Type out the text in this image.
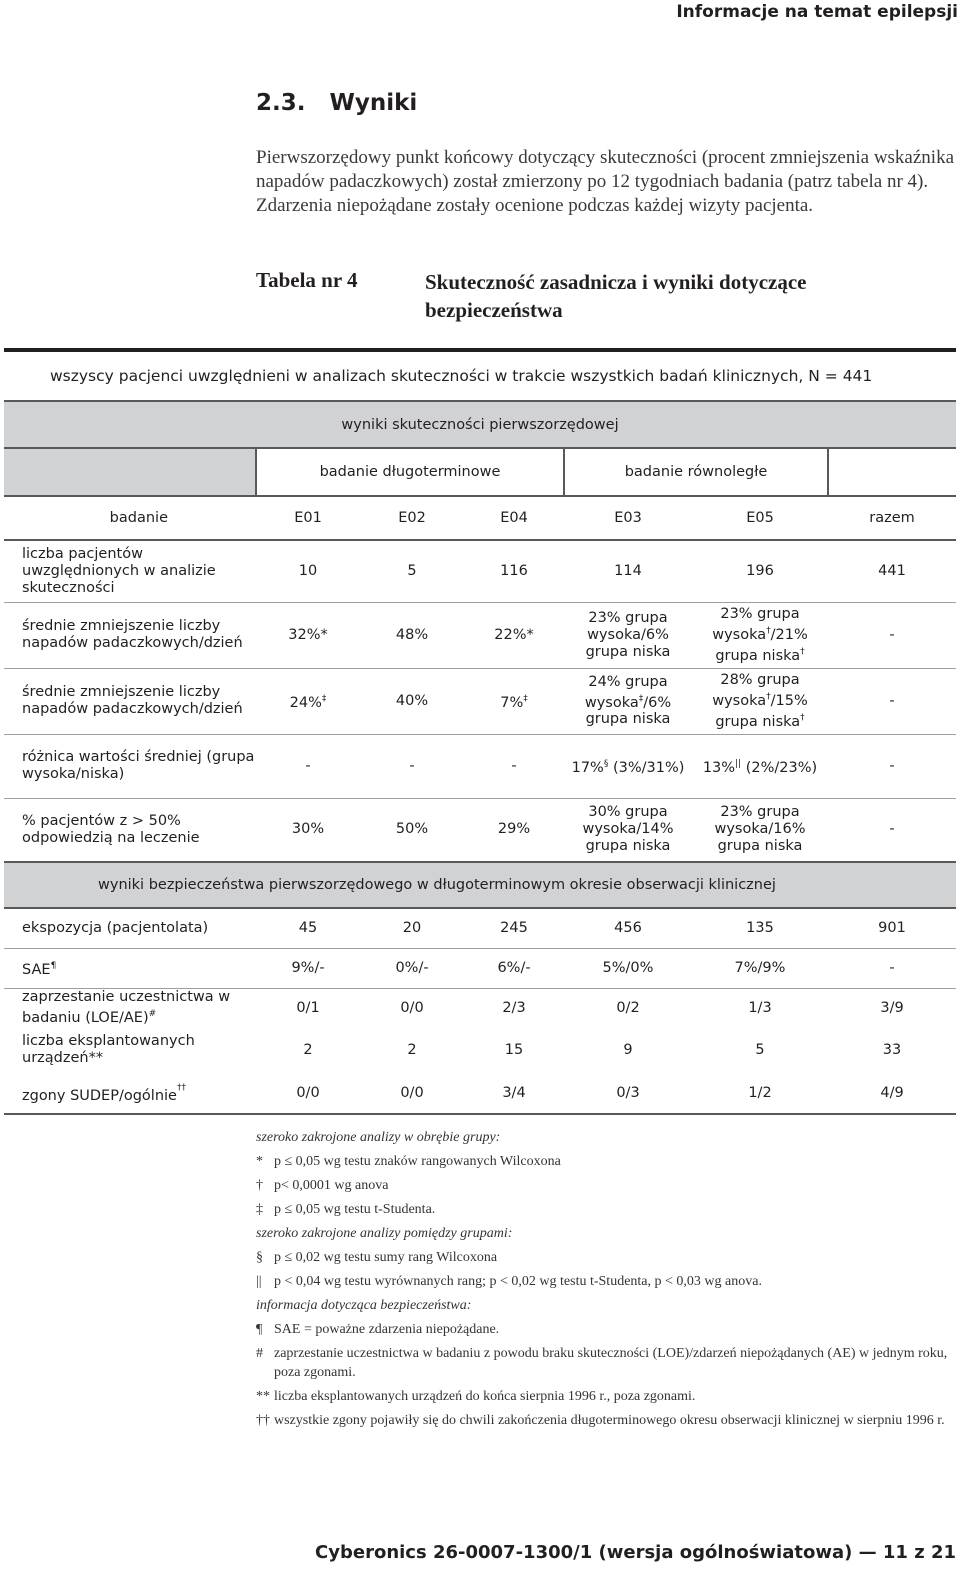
Informacje na temat epilepsji
2.3.   Wyniki
Pierwszorzędowy punkt końcowy dotyczący skuteczności (procent zmniejszenia wskaźnika napadów padaczkowych) został zmierzony po 12 tygodniach badania (patrz tabela nr 4). Zdarzenia niepożądane zostały ocenione podczas każdej wizyty pacjenta.
Tabela nr 4	Skuteczność zasadnicza i wyniki dotyczące bezpieczeństwa
wszyscy pacjenci uwzględnieni w analizach skuteczności w trakcie wszystkich badań klinicznych, N = 441
wyniki skuteczności pierwszorzędowej						
	badanie długoterminowe			badanie równoległe		
badanie	E01	E02	E04	E03	E05	razem
liczba pacjentów uwzględnionych w analizie skuteczności	10	5	116	114	196	441
średnie zmniejszenie liczby napadów padaczkowych/dzień	32%*	48%	22%*	23% grupa wysoka/6% grupa niska	23% grupa wysoka†/21% grupa niska†	-
średnie zmniejszenie liczby napadów padaczkowych/dzień	24%‡	40%	7%‡	24% grupa wysoka‡/6% grupa niska	28% grupa wysoka†/15% grupa niska†	-
różnica wartości średniej (grupa wysoka/niska)	-	-	-	17%§ (3%/31%)	13%|| (2%/23%)	-
% pacjentów z > 50% odpowiedzią na leczenie	30%	50%	29%	30% grupa wysoka/14% grupa niska	23% grupa wysoka/16% grupa niska	-
wyniki bezpieczeństwa pierwszorzędowego w długoterminowym okresie obserwacji klinicznej						
ekspozycja (pacjentolata)	45	20	245	456	135	901
SAE¶	9%/-	0%/-	6%/-	5%/0%	7%/9%	-
zaprzestanie uczestnictwa w badaniu (LOE/AE)#	0/1	0/0	2/3	0/2	1/3	3/9
liczba eksplantowanych urządzeń**	2	2	15	9	5	33
zgony SUDEP/ogólnie††	0/0	0/0	3/4	0/3	1/2	4/9
szeroko zakrojone analizy w obrębie grupy:
* p ≤ 0,05 wg testu znaków rangowanych Wilcoxona
† p< 0,0001 wg anova
‡ p ≤ 0,05 wg testu t-Studenta.
szeroko zakrojone analizy pomiędzy grupami:
§ p ≤ 0,02 wg testu sumy rang Wilcoxona
|| p < 0,04 wg testu wyrównanych rang; p < 0,02 wg testu t-Studenta, p < 0,03 wg anova.
informacja dotycząca bezpieczeństwa:
¶ SAE = poważne zdarzenia niepożądane.
# zaprzestanie uczestnictwa w badaniu z powodu braku skuteczności (LOE)/zdarzeń niepożądanych (AE) w jednym roku, poza zgonami.
** liczba eksplantowanych urządzeń do końca sierpnia 1996 r., poza zgonami.
†† wszystkie zgony pojawiły się do chwili zakończenia długoterminowego okresu obserwacji klinicznej w sierpniu 1996 r.
Cyberonics 26-0007-1300/1 (wersja ogólnoświatowa) — 11 z 21
